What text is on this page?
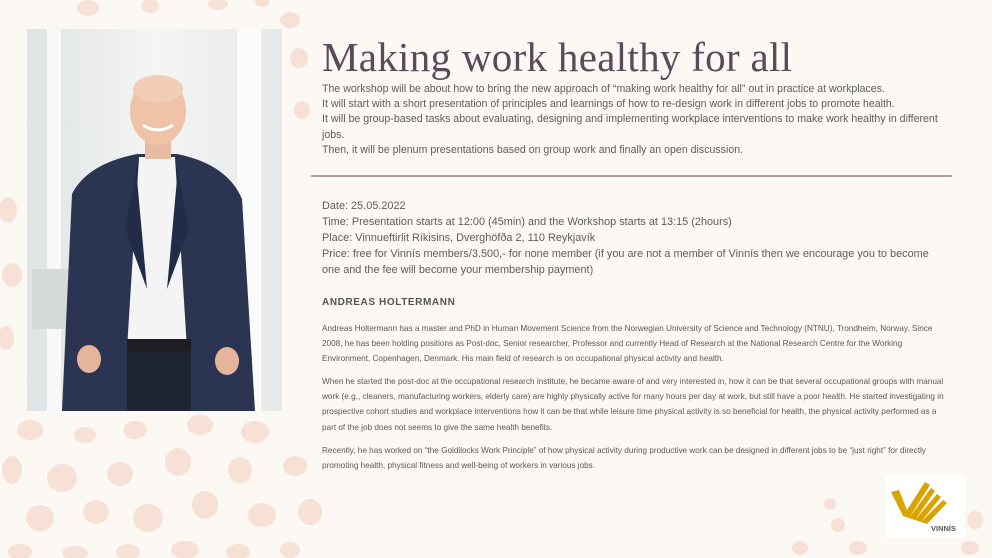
Making work healthy for all

The workshop will be about how to bring the new approach of “making work healthy for all” out in practice at workplaces.

It will start with a short presentation of principles and learnings of how to re-design work in different jobs to promote health.

It will be group-based tasks about evaluating, designing and implementing workplace interventions to make work healthy in different jobs.

Then, it will be plenum presentations based on group work and finally an open discussion.

Date: 25.05.2022

Time: Presentation starts at 12:00 (45min) and the Workshop starts at 13:15 (2hours)

Place: Vinnueftirlit Ríkisins, Dverghöfða 2, 110 Reykjavík

Price: free for Vinnís members/3.500,- for none member (if you are not a member of Vinnís then we encourage you to become one and the fee will become your membership payment)

ANDREAS HOLTERMANN

Andreas Holtermann has a master and PhD in Human Movement Science from the Norwegian University of Science and Technology (NTNU), Trondheim, Norway. Since 2008, he has been holding positions as Post-doc, Senior researcher, Professor and currently Head of Research at the National Research Centre for the Working Environment, Copenhagen, Denmark. His main field of research is on occupational physical activity and health.

When he started the post-doc at the occupational research institute, he became aware of and very interested in, how it can be that several occupational groups with manual work (e.g., cleaners, manufacturing workers, elderly care) are highly physically active for many hours per day at work, but still have a poor health. He started investigating in prospective cohort studies and workplace interventions how it can be that while leisure time physical activity is so beneficial for health, the physical activity performed as a part of the job does not seems to give the same health benefits.

Recently, he has worked on “the Goldilocks Work Principle” of how physical activity during productive work can be designed in different jobs to be “just right” for directly promoting health, physical fitness and well-being of workers in various jobs.

VINNÍS
